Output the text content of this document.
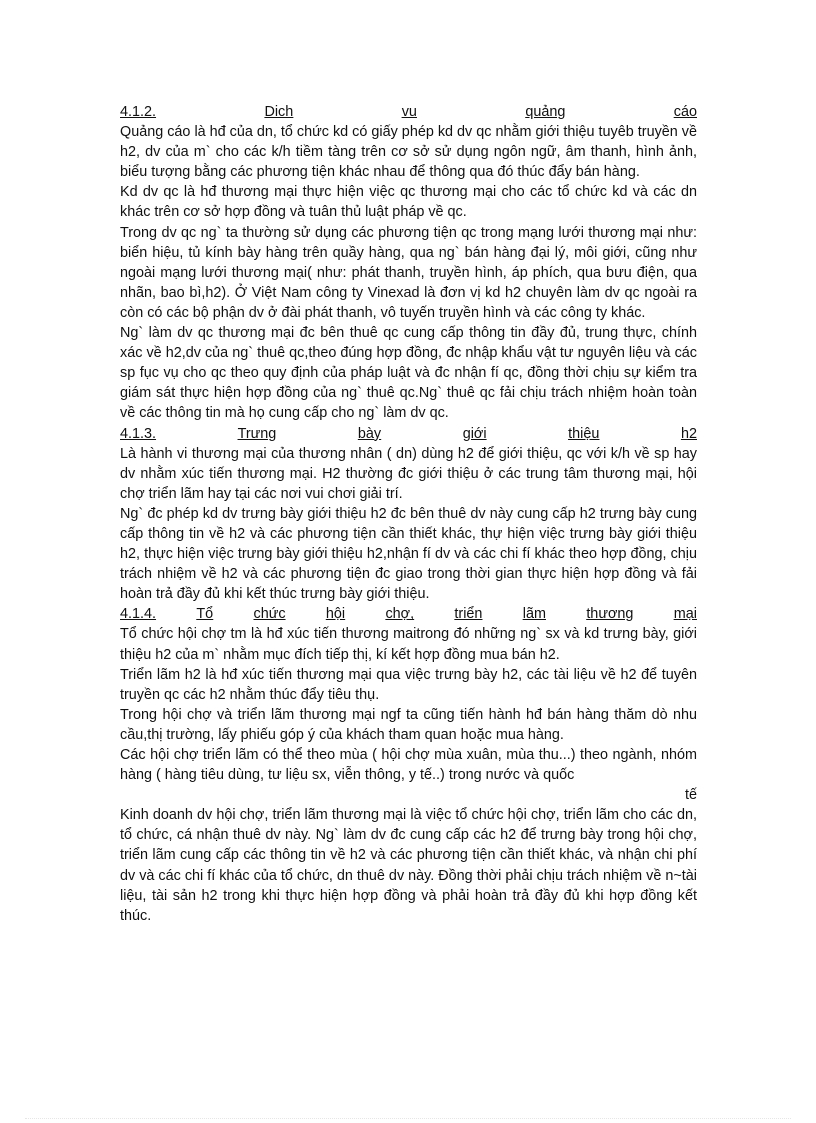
4.1.2.	Dich	vu	quảng	cáo

Quảng cáo là hđ của dn, tổ chức kd có giấy phép kd dv qc nhằm giới thiệu tuyêb truyền về h2, dv của m` cho các k/h tiềm tàng trên cơ sở sử dụng ngôn ngữ, âm thanh, hình ảnh, biểu tượng bằng các phương tiện khác nhau để thông qua đó thúc đẩy bán hàng.

Kd dv qc là hđ thương mại thực hiện việc qc thương mại cho các tổ chức kd và các dn khác trên cơ sở hợp đồng và tuân thủ luật pháp về qc.

Trong dv qc ng` ta thường sử dụng các phương tiện qc trong mạng lưới thương mại như: biển hiệu, tủ kính bày hàng trên quầy hàng, qua ng` bán hàng đại lý, môi giới, cũng như ngoài mạng lưới thương mại( như: phát thanh, truyền hình, áp phích, qua bưu điện, qua nhãn, bao bì,h2). Ở Việt Nam công ty Vinexad là đơn vị kd h2 chuyên làm dv qc ngoài ra còn có các bộ phận dv ở đài phát thanh, vô tuyến truyền hình và các công ty khác.

Ng` làm dv qc thương mại đc bên thuê qc cung cấp thông tin đầy đủ, trung thực, chính xác về h2,dv của ng` thuê qc,theo đúng hợp đồng, đc nhập khẩu vật tư nguyên liệu và các sp fục vụ cho qc theo quy định của pháp luật và đc nhận fí qc, đồng thời chịu sự kiểm tra giám sát thực hiện hợp đồng của ng` thuê qc.Ng` thuê qc fải chịu trách nhiệm hoàn toàn về các thông tin mà họ cung cấp cho ng` làm dv qc.

4.1.3.	Trưng	bày	giới	thiệu	h2

Là hành vi thương mại của thương nhân ( dn) dùng h2 để giới thiệu, qc với k/h về sp hay dv nhằm xúc tiến thương mại. H2 thường đc giới thiệu ở các trung tâm thương mại, hội chợ triển lãm hay tại các nơi vui chơi giải trí.

Ng` đc phép kd dv trưng bày giới thiệu h2 đc bên thuê dv này cung cấp h2 trưng bày cung cấp thông tin về h2 và các phương tiện cần thiết khác, thự hiện việc trưng bày giới thiệu h2, thực hiện việc trưng bày giới thiệu h2,nhận fí dv và các chi fí khác theo hợp đồng, chịu trách nhiệm về h2 và các phương tiện đc giao trong thời gian thực hiện hợp đồng và fải hoàn trả đầy đủ khi kết thúc trưng bày giới thiệu.

4.1.4.	Tổ	chức	hội	chợ,	triển	lãm	thương	mại

Tổ chức hội chợ tm là hđ xúc tiến thương maitrong đó những ng` sx và kd trưng bày, giới thiệu h2 của m` nhằm mục đích tiếp thị, kí kết hợp đồng mua bán h2.

Triển lãm h2 là hđ xúc tiến thương mại qua việc trưng bày h2, các tài liệu về h2 để tuyên truyền qc các h2 nhằm thúc đẩy tiêu thụ.

Trong hội chợ và triển lãm thương mại ngf ta cũng tiến hành hđ bán hàng thăm dò nhu cầu,thị trường, lấy phiếu góp ý của khách tham quan hoặc mua hàng.

Các hội chợ triển lãm có thể theo mùa ( hội chợ mùa xuân, mùa thu...) theo ngành, nhóm hàng ( hàng tiêu dùng, tư liệu sx, viễn thông, y tế..) trong nước và quốc

tế

Kinh doanh dv hội chợ, triển lãm thương mại là việc tổ chức hội chợ, triển lãm cho các dn, tổ chức, cá nhận thuê dv này. Ng` làm dv đc cung cấp các h2 để trưng bày trong hội chợ, triển lãm cung cấp các thông tin về h2 và các phương tiện cần thiết khác, và nhận chi phí dv và các chi fí khác của tổ chức, dn thuê dv này. Đồng thời phải chịu trách nhiệm về n~tài liệu, tài sản h2 trong khi thực hiện hợp đồng và phải hoàn trả đầy đủ khi hợp đồng kết thúc.
